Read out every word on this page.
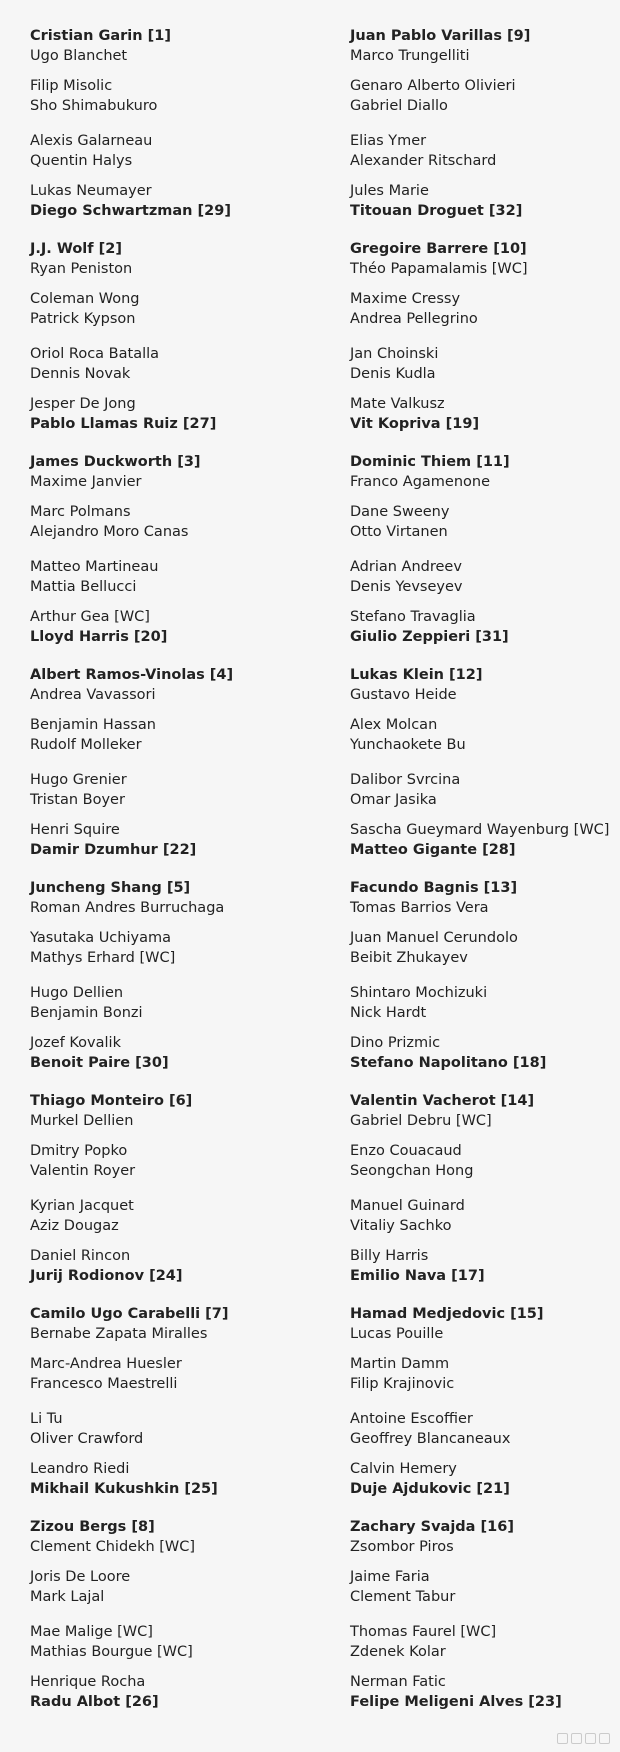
Cristian Garin [1]
Ugo Blanchet
Filip Misolic
Sho Shimabukuro
Alexis Galarneau
Quentin Halys
Lukas Neumayer
Diego Schwartzman [29]
J.J. Wolf [2]
Ryan Peniston
Coleman Wong
Patrick Kypson
Oriol Roca Batalla
Dennis Novak
Jesper De Jong
Pablo Llamas Ruiz [27]
James Duckworth [3]
Maxime Janvier
Marc Polmans
Alejandro Moro Canas
Matteo Martineau
Mattia Bellucci
Arthur Gea [WC]
Lloyd Harris [20]
Albert Ramos-Vinolas [4]
Andrea Vavassori
Benjamin Hassan
Rudolf Molleker
Hugo Grenier
Tristan Boyer
Henri Squire
Damir Dzumhur [22]
Juncheng Shang [5]
Roman Andres Burruchaga
Yasutaka Uchiyama
Mathys Erhard [WC]
Hugo Dellien
Benjamin Bonzi
Jozef Kovalik
Benoit Paire [30]
Thiago Monteiro [6]
Murkel Dellien
Dmitry Popko
Valentin Royer
Kyrian Jacquet
Aziz Dougaz
Daniel Rincon
Jurij Rodionov [24]
Camilo Ugo Carabelli [7]
Bernabe Zapata Miralles
Marc-Andrea Huesler
Francesco Maestrelli
Li Tu
Oliver Crawford
Leandro Riedi
Mikhail Kukushkin [25]
Zizou Bergs [8]
Clement Chidekh [WC]
Joris De Loore
Mark Lajal
Mae Malige [WC]
Mathias Bourgue [WC]
Henrique Rocha
Radu Albot [26]
Juan Pablo Varillas [9]
Marco Trungelliti
Genaro Alberto Olivieri
Gabriel Diallo
Elias Ymer
Alexander Ritschard
Jules Marie
Titouan Droguet [32]
Gregoire Barrere [10]
Théo Papamalamis [WC]
Maxime Cressy
Andrea Pellegrino
Jan Choinski
Denis Kudla
Mate Valkusz
Vit Kopriva [19]
Dominic Thiem [11]
Franco Agamenone
Dane Sweeny
Otto Virtanen
Adrian Andreev
Denis Yevseyev
Stefano Travaglia
Giulio Zeppieri [31]
Lukas Klein [12]
Gustavo Heide
Alex Molcan
Yunchaokete Bu
Dalibor Svrcina
Omar Jasika
Sascha Gueymard Wayenburg [WC]
Matteo Gigante [28]
Facundo Bagnis [13]
Tomas Barrios Vera
Juan Manuel Cerundolo
Beibit Zhukayev
Shintaro Mochizuki
Nick Hardt
Dino Prizmic
Stefano Napolitano [18]
Valentin Vacherot [14]
Gabriel Debru [WC]
Enzo Couacaud
Seongchan Hong
Manuel Guinard
Vitaliy Sachko
Billy Harris
Emilio Nava [17]
Hamad Medjedovic [15]
Lucas Pouille
Martin Damm
Filip Krajinovic
Antoine Escoffier
Geoffrey Blancaneaux
Calvin Hemery
Duje Ajdukovic [21]
Zachary Svajda [16]
Zsombor Piros
Jaime Faria
Clement Tabur
Thomas Faurel [WC]
Zdenek Kolar
Nerman Fatic
Felipe Meligeni Alves [23]
